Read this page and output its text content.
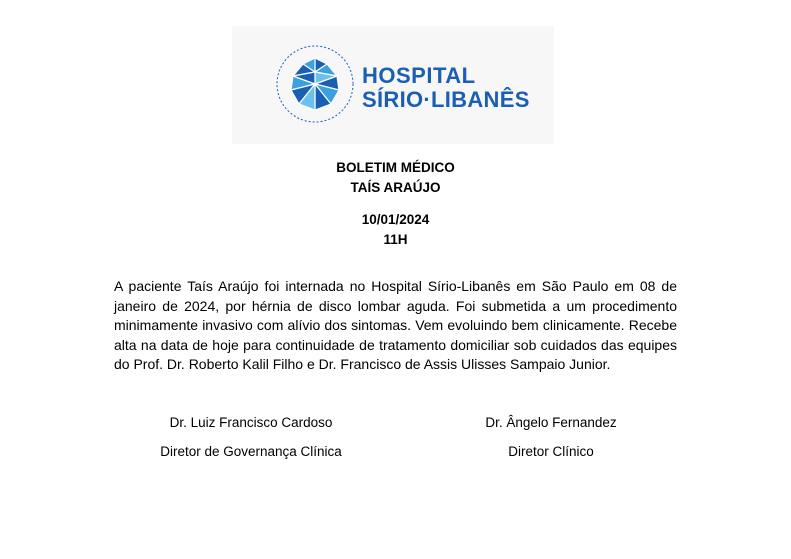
HOSPITAL
SÍRIO·LIBANÊS
BOLETIM MÉDICO
TAÍS ARAÚJO
10/01/2024
11H

A paciente Taís Araújo foi internada no Hospital Sírio-Libanês em São Paulo em 08 de janeiro de 2024, por hérnia de disco lombar aguda. Foi submetida a um procedimento minimamente invasivo com alívio dos sintomas. Vem evoluindo bem clinicamente. Recebe alta na data de hoje para continuidade de tratamento domiciliar sob cuidados das equipes do Prof. Dr. Roberto Kalil Filho e Dr. Francisco de Assis Ulisses Sampaio Junior.

Dr. Luiz Francisco Cardoso
Diretor de Governança Clínica
Dr. Ângelo Fernandez
Diretor Clínico
